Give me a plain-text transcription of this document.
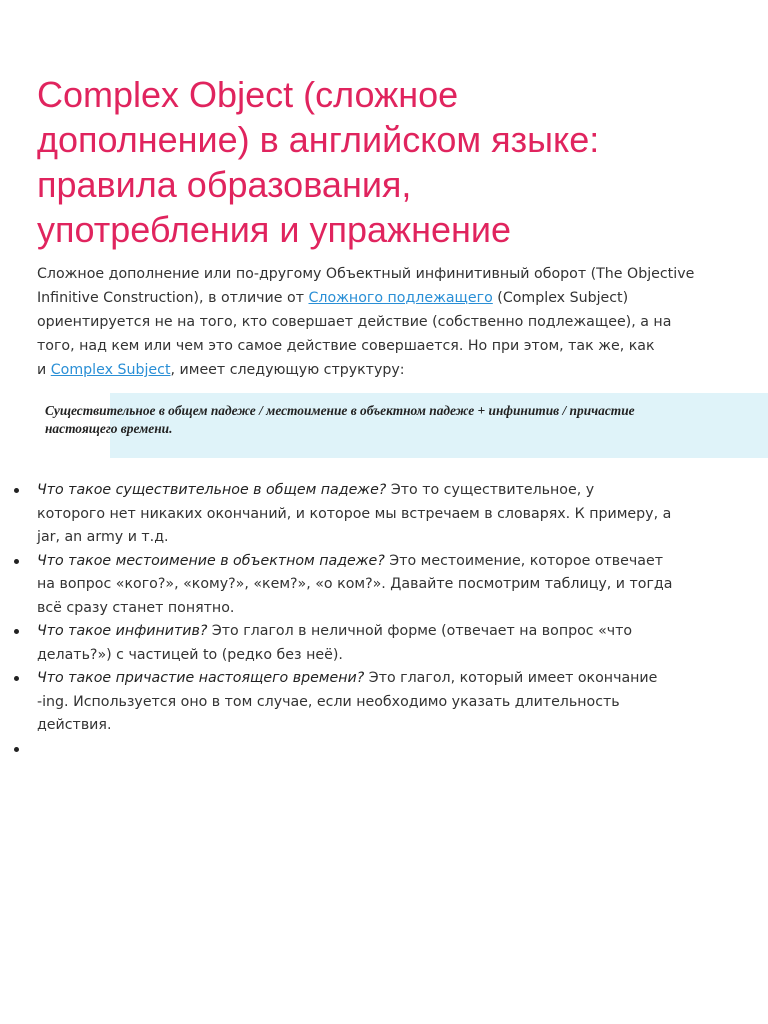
Complex Object (сложное
дополнение) в английском языке:
правила образования,
употребления и упражнение

Сложное дополнение или по-другому Объектный инфинитивный оборот (The Objective
Infinitive Construction), в отличие от Сложного подлежащего (Complex Subject)
ориентируется не на того, кто совершает действие (собственно подлежащее), а на
того, над кем или чем это самое действие совершается. Но при этом, так же, как
и Complex Subject, имеет следующую структуру:

Существительное в общем падеже / местоимение в объектном падеже + инфинитив / причастие
настоящего времени.

Что такое существительное в общем падеже? Это то существительное, у
которого нет никаких окончаний, и которое мы встречаем в словарях. К примеру, a
jar, an army и т.д.
Что такое местоимение в объектном падеже? Это местоимение, которое отвечает
на вопрос «кого?», «кому?», «кем?», «о ком?». Давайте посмотрим таблицу, и тогда
всё сразу станет понятно.
Что такое инфинитив? Это глагол в неличной форме (отвечает на вопрос «что
делать?») с частицей to (редко без неё).
Что такое причастие настоящего времени? Это глагол, который имеет окончание
-ing. Используется оно в том случае, если необходимо указать длительность
действия.
